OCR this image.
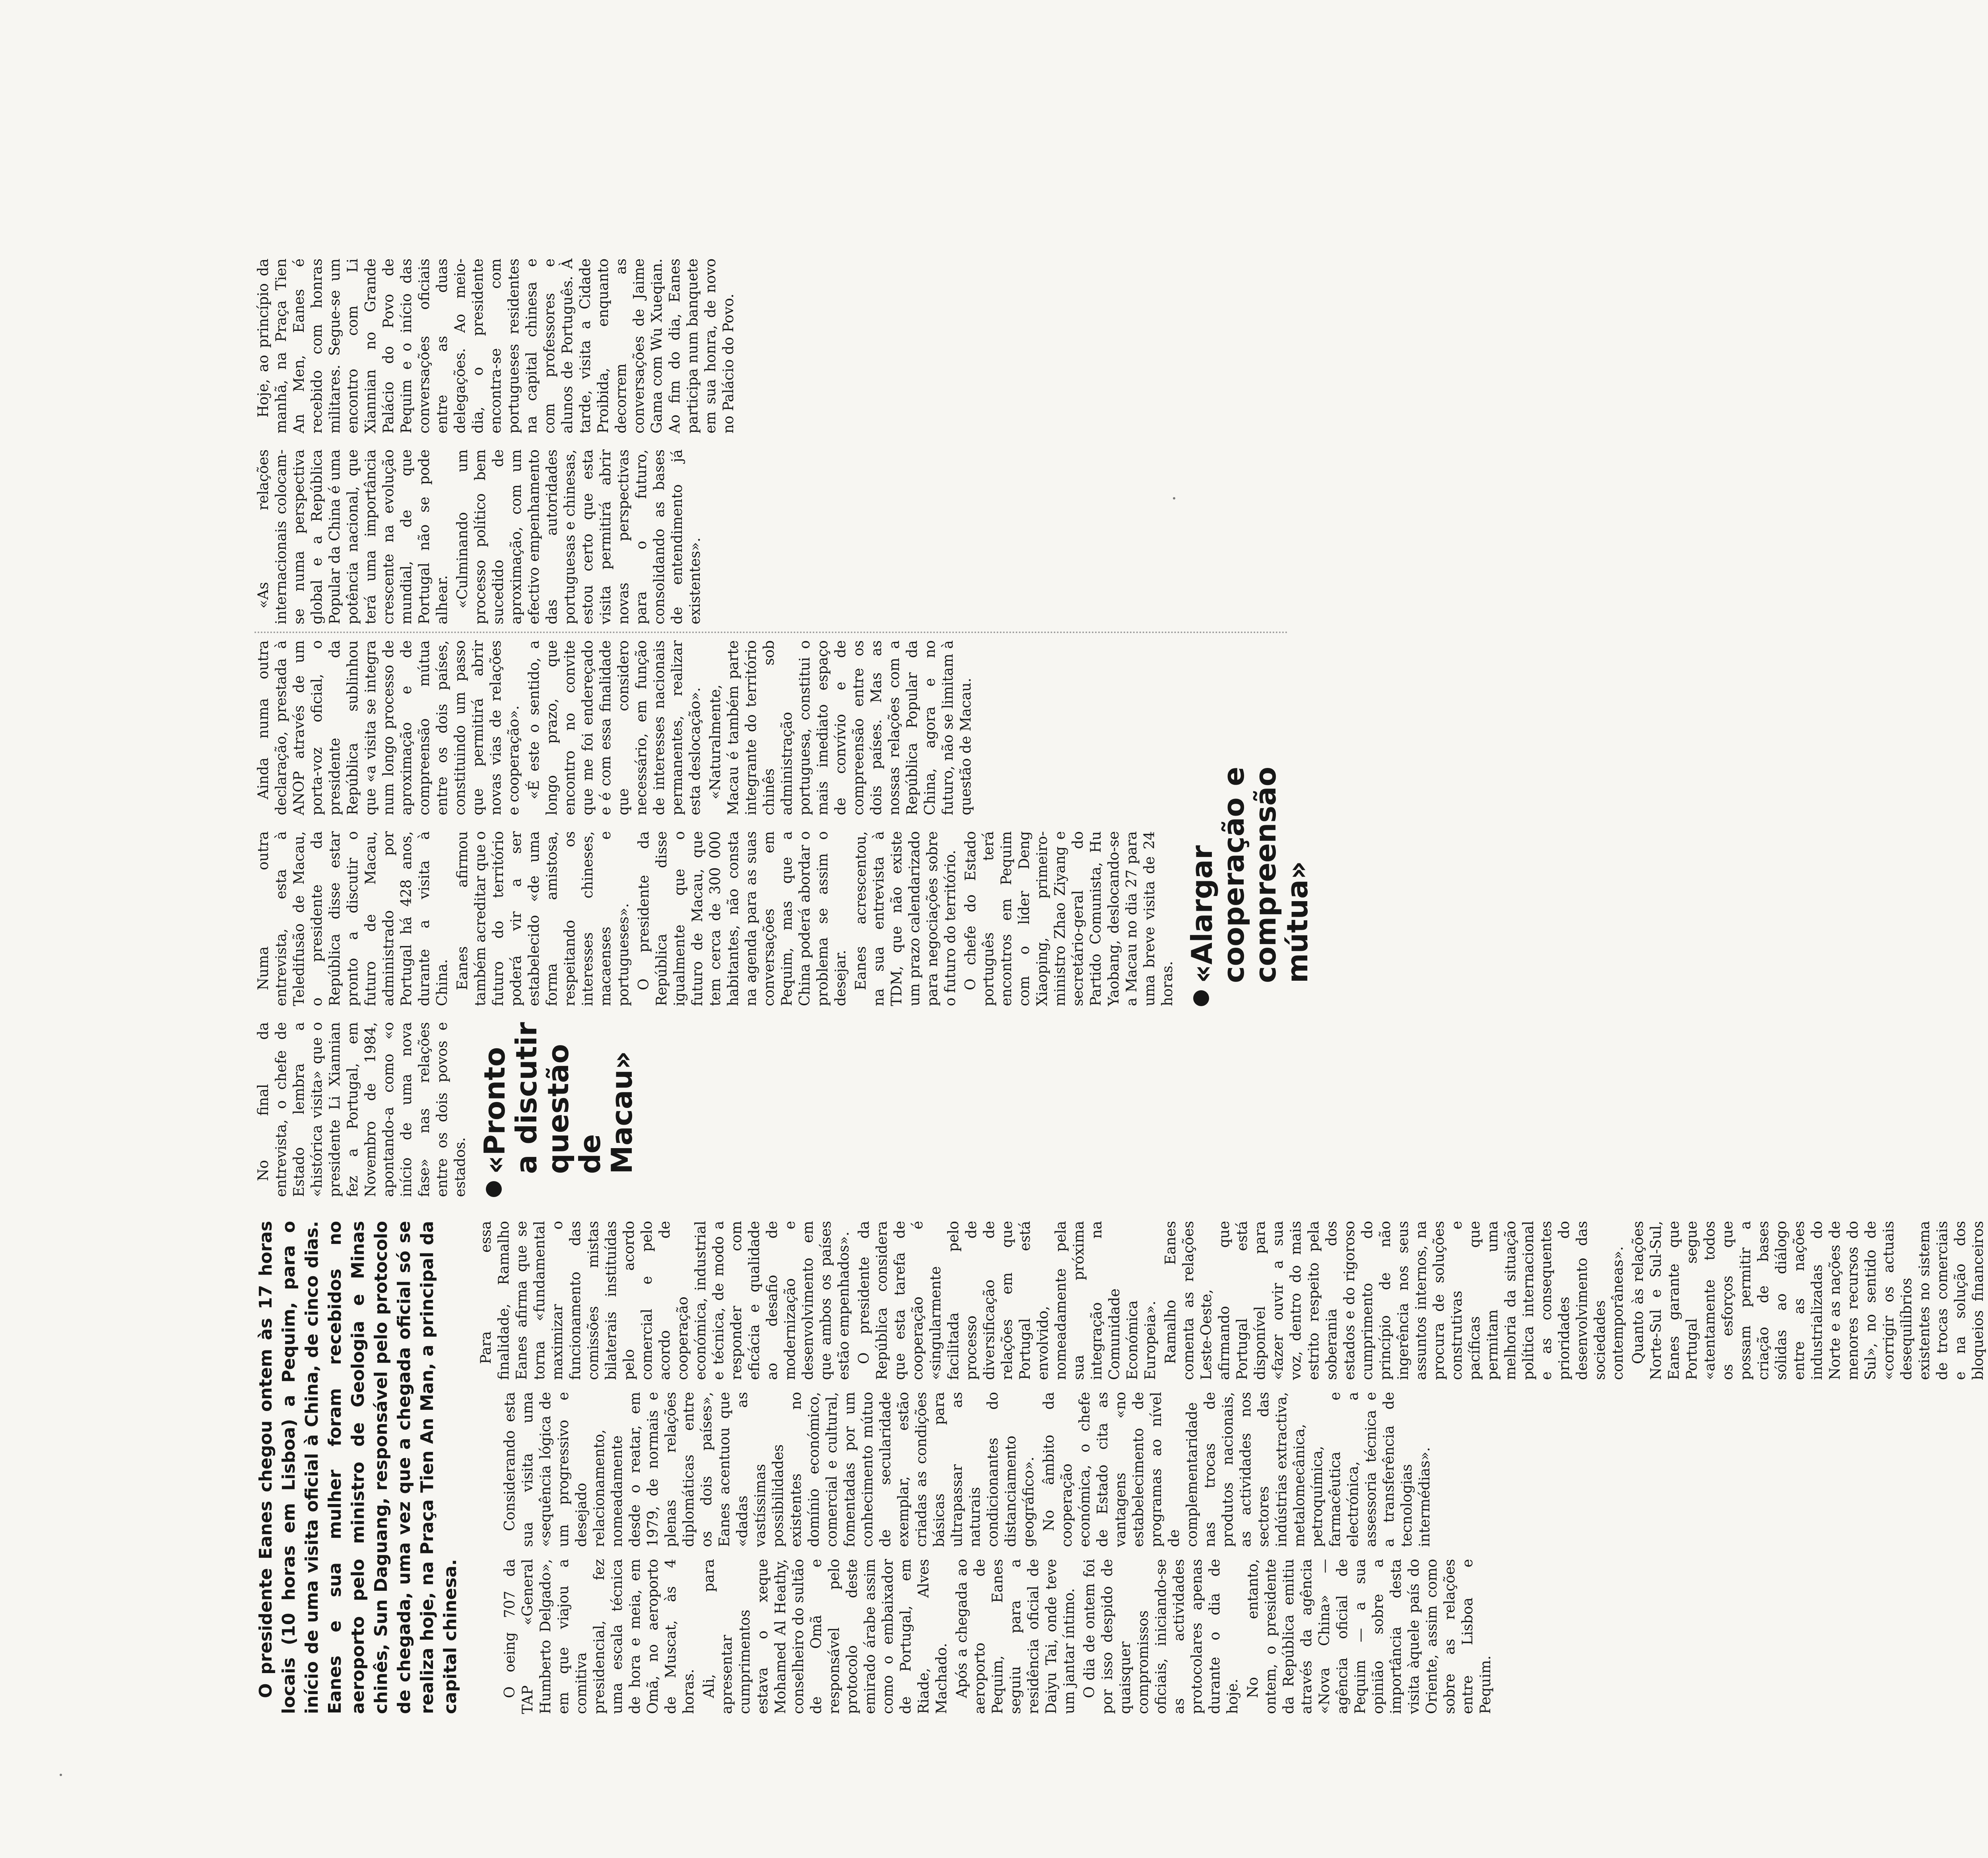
O presidente Eanes chegou ontem às 17 horas locais (10 horas em Lisboa) a Pequim, para o início de uma visita oficial à China, de cinco dias. Eanes e sua mulher foram recebidos no aeroporto pelo ministro de Geologia e Minas chinês, Sun Daguang, responsável pelo protocolo de chegada, uma vez que a chegada oficial só se realiza hoje, na Praça Tien An Man, a principal da capital chinesa.	O oeing 707 da TAP «General Humberto Delgado», em que viajou a comitiva presidencial, fez uma escala técnica de hora e meia, em Omã, no aeroporto de Muscat, às 4 horas. Ali, para apresentar cumprimentos estava o xeque Mohamed Al Heathy, conselheiro do sultão de Omã e responsável pelo protocolo deste emirado árabe assim como o embaixador de Portugal, em Riade, Alves Machado. Após a chegada ao aeroporto de Pequim, Eanes seguiu para a residência oficial de Daiyu Tai, onde teve um jantar íntimo. O dia de ontem foi por isso despido de quaisquer compromissos oficiais, iniciando-se as actividades protocolares apenas durante o dia de hoje. No entanto, ontem, o presidente da República emitiu através da agência «Nova China» — agência oficial de Pequim — a sua opinião sobre a importância desta visita àquele país do Oriente, assim como sobre as relações entre Lisboa e Pequim.

Considerando esta sua visita uma «sequência lógica de um progressivo e desejado relacionamento, nomeadamente desde o reatar, em 1979, de normais e plenas relações diplomáticas entre os dois países», Eanes acentuou que «dadas as vastíssimas possibilidades existentes no domínio económico, comercial e cultural, fomentadas por um conhecimento mútuo de secularidade exemplar, estão criadas as condições básicas para ultrapassar as naturais condicionantes do distanciamento geográfico». No âmbito da cooperação económica, o chefe de Estado cita as vantagens «no estabelecimento de programas ao nível de complementaridade nas trocas de produtos nacionais, as actividades nos sectores das indústrias extractiva, metalomecânica, petroquímica, farmacêutica e electrónica, a assessoria técnica e a transferência de tecnologias intermédias».

Para essa finalidade, Ramalho Eanes afirma que se torna «fundamental maximizar o funcionamento das comissões mistas bilaterais instituídas pelo acordo comercial e pelo acordo de cooperação económica, industrial e técnica, de modo a responder com eficácia e qualidade ao desafio de modernização e desenvolvimento em que ambos os países estão empenhados». O presidente da República considera que esta tarefa de cooperação é «singularmente facilitada pelo processo de diversificação de relações em que Portugal está envolvido, nomeadamente pela sua próxima integração na Comunidade Económica Europeia». Ramalho Eanes comenta as relações Leste-Oeste, afirmando que Portugal está disponível para «fazer ouvir a sua voz, dentro do mais estrito respeito pela soberania dos estados e do rigoroso cumprimento do princípio de não ingerência nos seus assuntos internos, na procura de soluções construtivas e pacíficas que permitam uma melhoria da situação política internacional e as consequentes prioridades do desenvolvimento das sociedades contemporâneas». Quanto às relações Norte-Sul e Sul-Sul, Eanes garante que Portugal segue «atentamente todos os esforços que possam permitir a criação de bases sólidas ao diálogo entre as nações industrializadas do Norte e as nações de menores recursos do Sul», no sentido de «corrigir os actuais desequilíbrios existentes no sistema de trocas comerciais e na solução dos bloqueios financeiros

No final da entrevista, o chefe de Estado lembra a «histórica visita» que o presidente Li Xiannian fez a Portugal, em Novembro de 1984, apontando-a como «o início de uma nova fase» nas relações entre os dois povos e estados. «Pronto a discutir questão de Macau»

Numa outra entrevista, esta à Teledifusão de Macau, o presidente da República disse estar pronto a discutir o futuro de Macau, administrado por Portugal há 428 anos, durante a visita à China. Eanes afirmou também acreditar que o futuro do território poderá vir a ser estabelecido «de uma forma amistosa, respeitando os interesses chineses, macaenses e portugueses». O presidente da República disse igualmente que o futuro de Macau, que tem cerca de 300 000 habitantes, não consta na agenda para as suas conversações em Pequim, mas que a China poderá abordar o problema se assim o desejar. Eanes acrescentou, na sua entrevista à TDM, que não existe um prazo calendarizado para negociações sobre o futuro do território. O chefe do Estado português terá encontros em Pequim com o líder Deng Xiaoping, primeiro-ministro Zhao Ziyang e secretário-geral do Partido Comunista, Hu Yaobang, deslocando-se a Macau no dia 27 para uma breve visita de 24 horas.

«Alargar cooperação e compreensão mútua»

Ainda numa outra declaração, prestada à ANOP através de um porta-voz oficial, o presidente da República sublinhou que «a visita se integra num longo processo de aproximação e de compreensão mútua entre os dois países, constituindo um passo que permitirá abrir novas vias de relações e cooperação». «É este o sentido, a longo prazo, que encontro no convite que me foi endereçado e é com essa finalidade que considero necessário, em função de interesses nacionais permanentes, realizar esta deslocação». «Naturalmente, Macau é também parte integrante do território chinês sob administração portuguesa, constitui o mais imediato espaço de convívio e de compreensão entre os dois países. Mas as nossas relações com a República Popular da China, agora e no futuro, não se limitam à questão de Macau.

«As relações internacionais colocam-se numa perspectiva global e a República Popular da China é uma potência nacional, que terá uma importância crescente na evolução mundial, de que Portugal não se pode alhear. «Culminando um processo político bem sucedido de aproximação, com um efectivo empenhamento das autoridades portuguesas e chinesas, estou certo que esta visita permitirá abrir novas perspectivas para o futuro, consolidando as bases de entendimento já existentes».

Hoje, ao princípio da manhã, na Praça Tien An Men, Eanes é recebido com honras militares. Segue-se um encontro com Li Xiannian no Grande Palácio do Povo de Pequim e o início das conversações oficiais entre as duas delegações. Ao meio-dia, o presidente encontra-se com portugueses residentes na capital chinesa e com professores e alunos de Português. À tarde, visita a Cidade Proibida, enquanto decorrem as conversações de Jaime Gama com Wu Xueqian. Ao fim do dia, Eanes participa num banquete em sua honra, de novo no Palácio do Povo.
